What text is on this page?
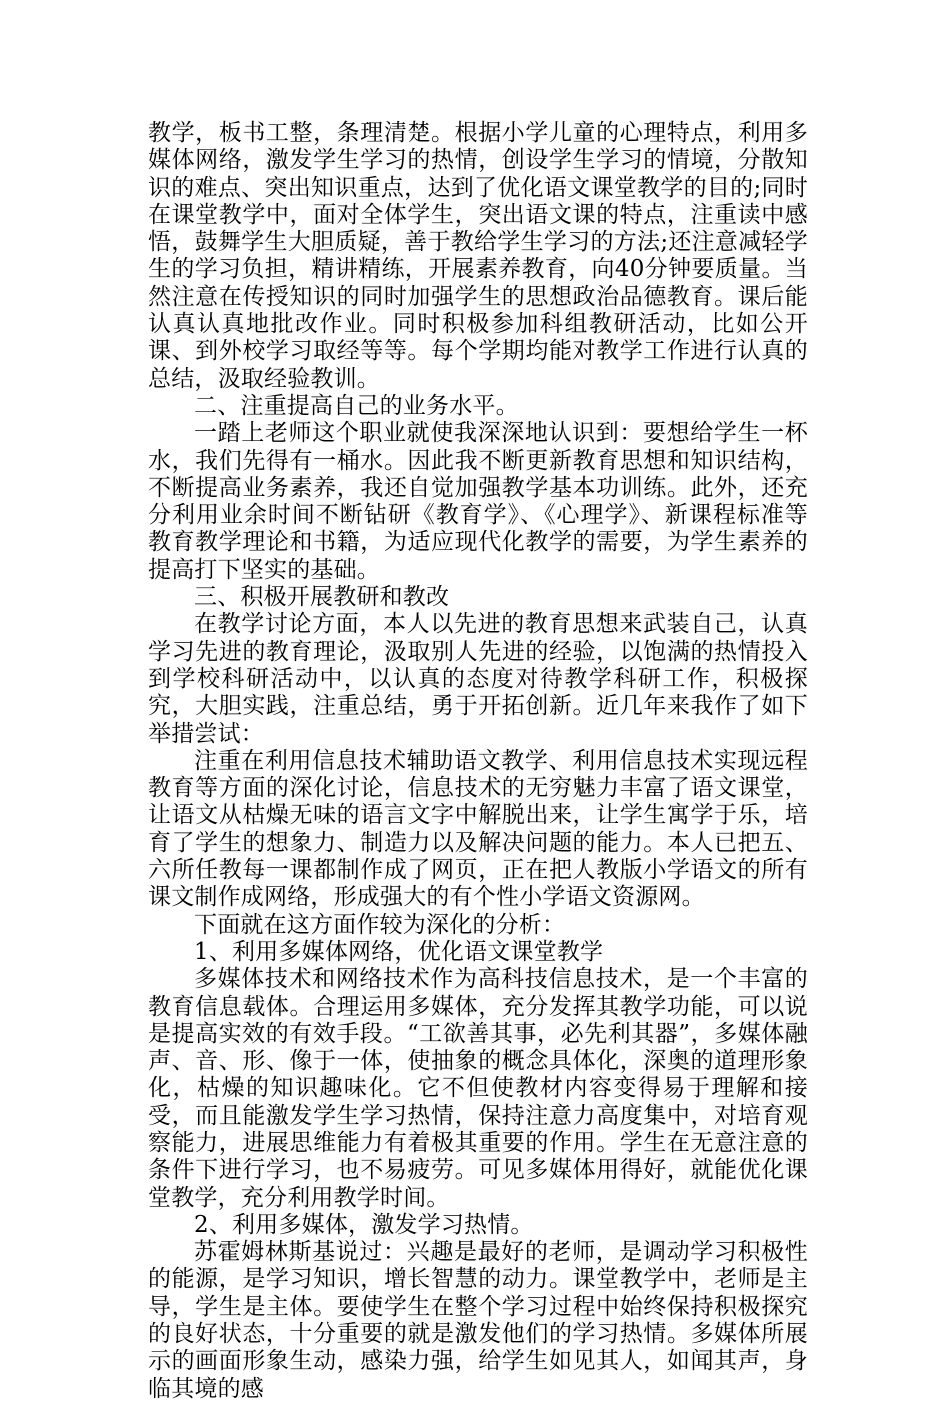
教学，板书工整，条理清楚。根据小学儿童的心理特点，利用多媒体网络，激发学生学习的热情，创设学生学习的情境，分散知识的难点、突出知识重点，达到了优化语文课堂教学的目的;同时在课堂教学中，面对全体学生，突出语文课的特点，注重读中感悟，鼓舞学生大胆质疑，善于教给学生学习的方法;还注意减轻学生的学习负担，精讲精练，开展素养教育，向40分钟要质量。当然注意在传授知识的同时加强学生的思想政治品德教育。课后能认真认真地批改作业。同时积极参加科组教研活动，比如公开课、到外校学习取经等等。每个学期均能对教学工作进行认真的总结，汲取经验教训。

二、注重提高自己的业务水平。

一踏上老师这个职业就使我深深地认识到：要想给学生一杯水，我们先得有一桶水。因此我不断更新教育思想和知识结构，不断提高业务素养，我还自觉加强教学基本功训练。此外，还充分利用业余时间不断钻研《教育学》、《心理学》、新课程标准等教育教学理论和书籍，为适应现代化教学的需要，为学生素养的提高打下坚实的基础。

三、积极开展教研和教改

在教学讨论方面，本人以先进的教育思想来武装自己，认真学习先进的教育理论，汲取别人先进的经验，以饱满的热情投入到学校科研活动中，以认真的态度对待教学科研工作，积极探究，大胆实践，注重总结，勇于开拓创新。近几年来我作了如下举措尝试：

注重在利用信息技术辅助语文教学、利用信息技术实现远程教育等方面的深化讨论，信息技术的无穷魅力丰富了语文课堂，让语文从枯燥无味的语言文字中解脱出来，让学生寓学于乐，培育了学生的想象力、制造力以及解决问题的能力。本人已把五、六所任教每一课都制作成了网页，正在把人教版小学语文的所有课文制作成网络，形成强大的有个性小学语文资源网。

下面就在这方面作较为深化的分析：

1、利用多媒体网络，优化语文课堂教学

多媒体技术和网络技术作为高科技信息技术，是一个丰富的教育信息载体。合理运用多媒体，充分发挥其教学功能，可以说是提高实效的有效手段。“工欲善其事，必先利其器”，多媒体融声、音、形、像于一体，使抽象的概念具体化，深奥的道理形象化，枯燥的知识趣味化。它不但使教材内容变得易于理解和接受，而且能激发学生学习热情，保持注意力高度集中，对培育观察能力，进展思维能力有着极其重要的作用。学生在无意注意的条件下进行学习，也不易疲劳。可见多媒体用得好，就能优化课堂教学，充分利用教学时间。

2、利用多媒体，激发学习热情。

苏霍姆林斯基说过：兴趣是最好的老师，是调动学习积极性的能源，是学习知识，增长智慧的动力。课堂教学中，老师是主导，学生是主体。要使学生在整个学习过程中始终保持积极探究的良好状态，十分重要的就是激发他们的学习热情。多媒体所展示的画面形象生动，感染力强，给学生如见其人，如闻其声，身临其境的感
